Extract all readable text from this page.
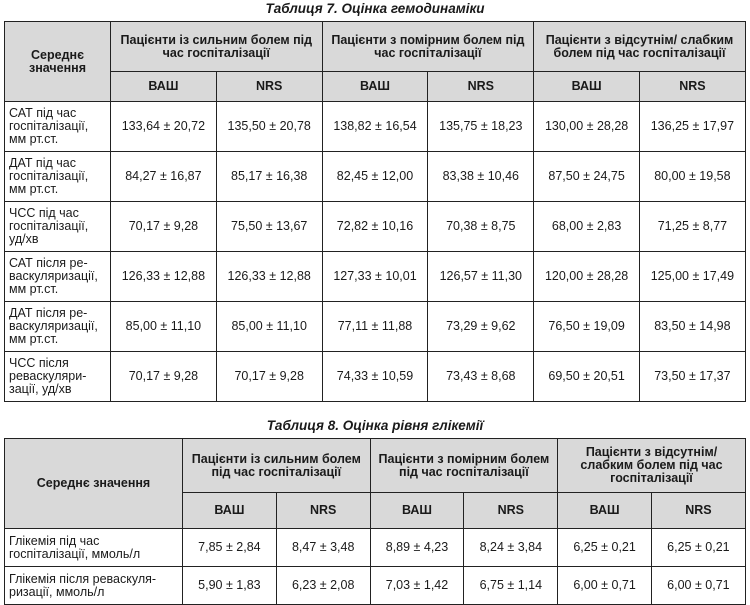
Таблиця 7. Оцінка гемодинаміки
Середнє значення	Пацієнти із сильним болем під час госпіталізації		Пацієнти з помірним болем під час госпіталізації		Пацієнти з відсутнім/ слабким болем під час госпіталізації	
	ВАШ	NRS	ВАШ	NRS	ВАШ	NRS
САТ під час госпіталізації, мм рт.ст.	133,64 ± 20,72	135,50 ± 20,78	138,82 ± 16,54	135,75 ± 18,23	130,00 ± 28,28	136,25 ± 17,97
ДАТ під час госпіталізації, мм рт.ст.	84,27 ± 16,87	85,17 ± 16,38	82,45 ± 12,00	83,38 ± 10,46	87,50 ± 24,75	80,00 ± 19,58
ЧСС під час госпіталізації, уд/хв	70,17 ± 9,28	75,50 ± 13,67	72,82 ± 10,16	70,38 ± 8,75	68,00 ± 2,83	71,25 ± 8,77
САТ після реваскуляризації, мм рт.ст.	126,33 ± 12,88	126,33 ± 12,88	127,33 ± 10,01	126,57 ± 11,30	120,00 ± 28,28	125,00 ± 17,49
ДАТ після реваскуляризації, мм рт.ст.	85,00 ± 11,10	85,00 ± 11,10	77,11 ± 11,88	73,29 ± 9,62	76,50 ± 19,09	83,50 ± 14,98
ЧСС після реваскуляризації, уд/хв	70,17 ± 9,28	70,17 ± 9,28	74,33 ± 10,59	73,43 ± 8,68	69,50 ± 20,51	73,50 ± 17,37
Таблиця 8. Оцінка рівня глікемії
Середнє значення	Пацієнти із сильним болем під час госпіталізації		Пацієнти з помірним болем під час госпіталізації		Пацієнти з відсутнім/ слабким болем під час госпіталізації	
	ВАШ	NRS	ВАШ	NRS	ВАШ	NRS
Глікемія під час госпіталізації, ммоль/л	7,85 ± 2,84	8,47 ± 3,48	8,89 ± 4,23	8,24 ± 3,84	6,25 ± 0,21	6,25 ± 0,21
Глікемія після реваскуляризації, ммоль/л	5,90 ± 1,83	6,23 ± 2,08	7,03 ± 1,42	6,75 ± 1,14	6,00 ± 0,71	6,00 ± 0,71
